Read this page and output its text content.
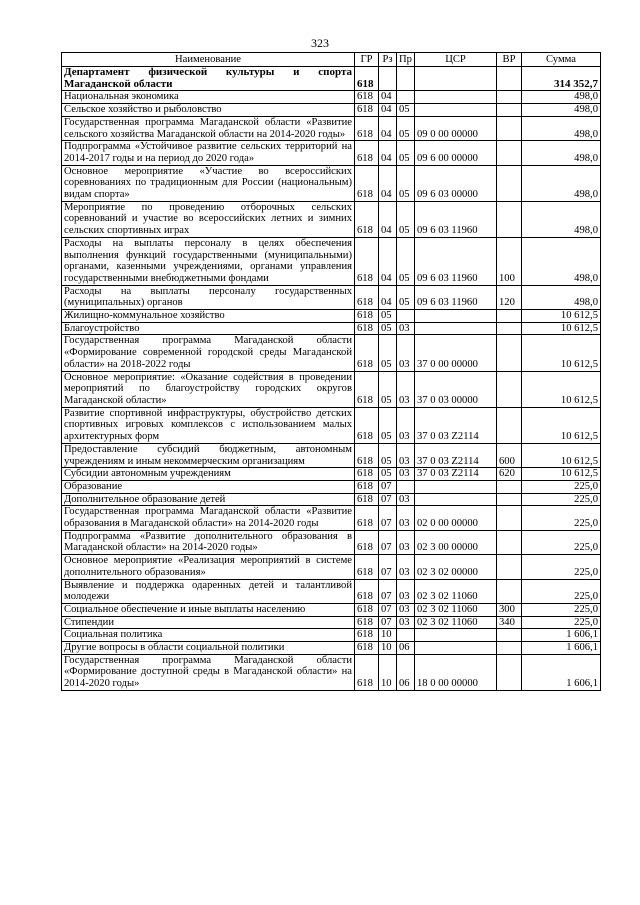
323
Наименование	ГР	Рз	Пр	ЦСР	ВР	Сумма
Департамент физической культуры и спорта Магаданской области	618					314 352,7
Национальная экономика	618	04				498,0
Сельское хозяйство и рыболовство	618	04	05			498,0
Государственная программа Магаданской области «Развитие сельского хозяйства Магаданской области на 2014-2020 годы»	618	04	05	09 0 00 00000		498,0
Подпрограмма «Устойчивое развитие сельских территорий на 2014-2017 годы и на период до 2020 года»	618	04	05	09 6 00 00000		498,0
Основное мероприятие «Участие во всероссийских соревнованиях по традиционным для России (национальным) видам спорта»	618	04	05	09 6 03 00000		498,0
Мероприятие по проведению отборочных сельских соревнований и участие во всероссийских летних и зимних сельских спортивных играх	618	04	05	09 6 03 11960		498,0
Расходы на выплаты персоналу в целях обеспечения выполнения функций государственными (муниципальными) органами, казенными учреждениями, органами управления государственными внебюджетными фондами	618	04	05	09 6 03 11960	100	498,0
Расходы на выплаты персоналу государственных (муниципальных) органов	618	04	05	09 6 03 11960	120	498,0
Жилищно-коммунальное хозяйство	618	05				10 612,5
Благоустройство	618	05	03			10 612,5
Государственная программа Магаданской области «Формирование современной городской среды Магаданской области» на 2018-2022 годы	618	05	03	37 0 00 00000		10 612,5
Основное мероприятие: «Оказание содействия в проведении мероприятий по благоустройству городских округов Магаданской области»	618	05	03	37 0 03 00000		10 612,5
Развитие спортивной инфраструктуры, обустройство детских спортивных игровых комплексов с использованием малых архитектурных форм	618	05	03	37 0 03 Z2114		10 612,5
Предоставление субсидий бюджетным, автономным учреждениям и иным некоммерческим организациям	618	05	03	37 0 03 Z2114	600	10 612,5
Субсидии автономным учреждениям	618	05	03	37 0 03 Z2114	620	10 612,5
Образование	618	07				225,0
Дополнительное образование детей	618	07	03			225,0
Государственная программа Магаданской области «Развитие образования в Магаданской области» на 2014-2020 годы	618	07	03	02 0 00 00000		225,0
Подпрограмма «Развитие дополнительного образования в Магаданской области» на 2014-2020 годы»	618	07	03	02 3 00 00000		225,0
Основное мероприятие «Реализация мероприятий в системе дополнительного образования»	618	07	03	02 3 02 00000		225,0
Выявление и поддержка одаренных детей и талантливой молодежи	618	07	03	02 3 02 11060		225,0
Социальное обеспечение и иные выплаты населению	618	07	03	02 3 02 11060	300	225,0
Стипендии	618	07	03	02 3 02 11060	340	225,0
Социальная политика	618	10				1 606,1
Другие вопросы в области социальной политики	618	10	06			1 606,1
Государственная программа Магаданской области «Формирование доступной среды в Магаданской области» на 2014-2020 годы»	618	10	06	18 0 00 00000		1 606,1
